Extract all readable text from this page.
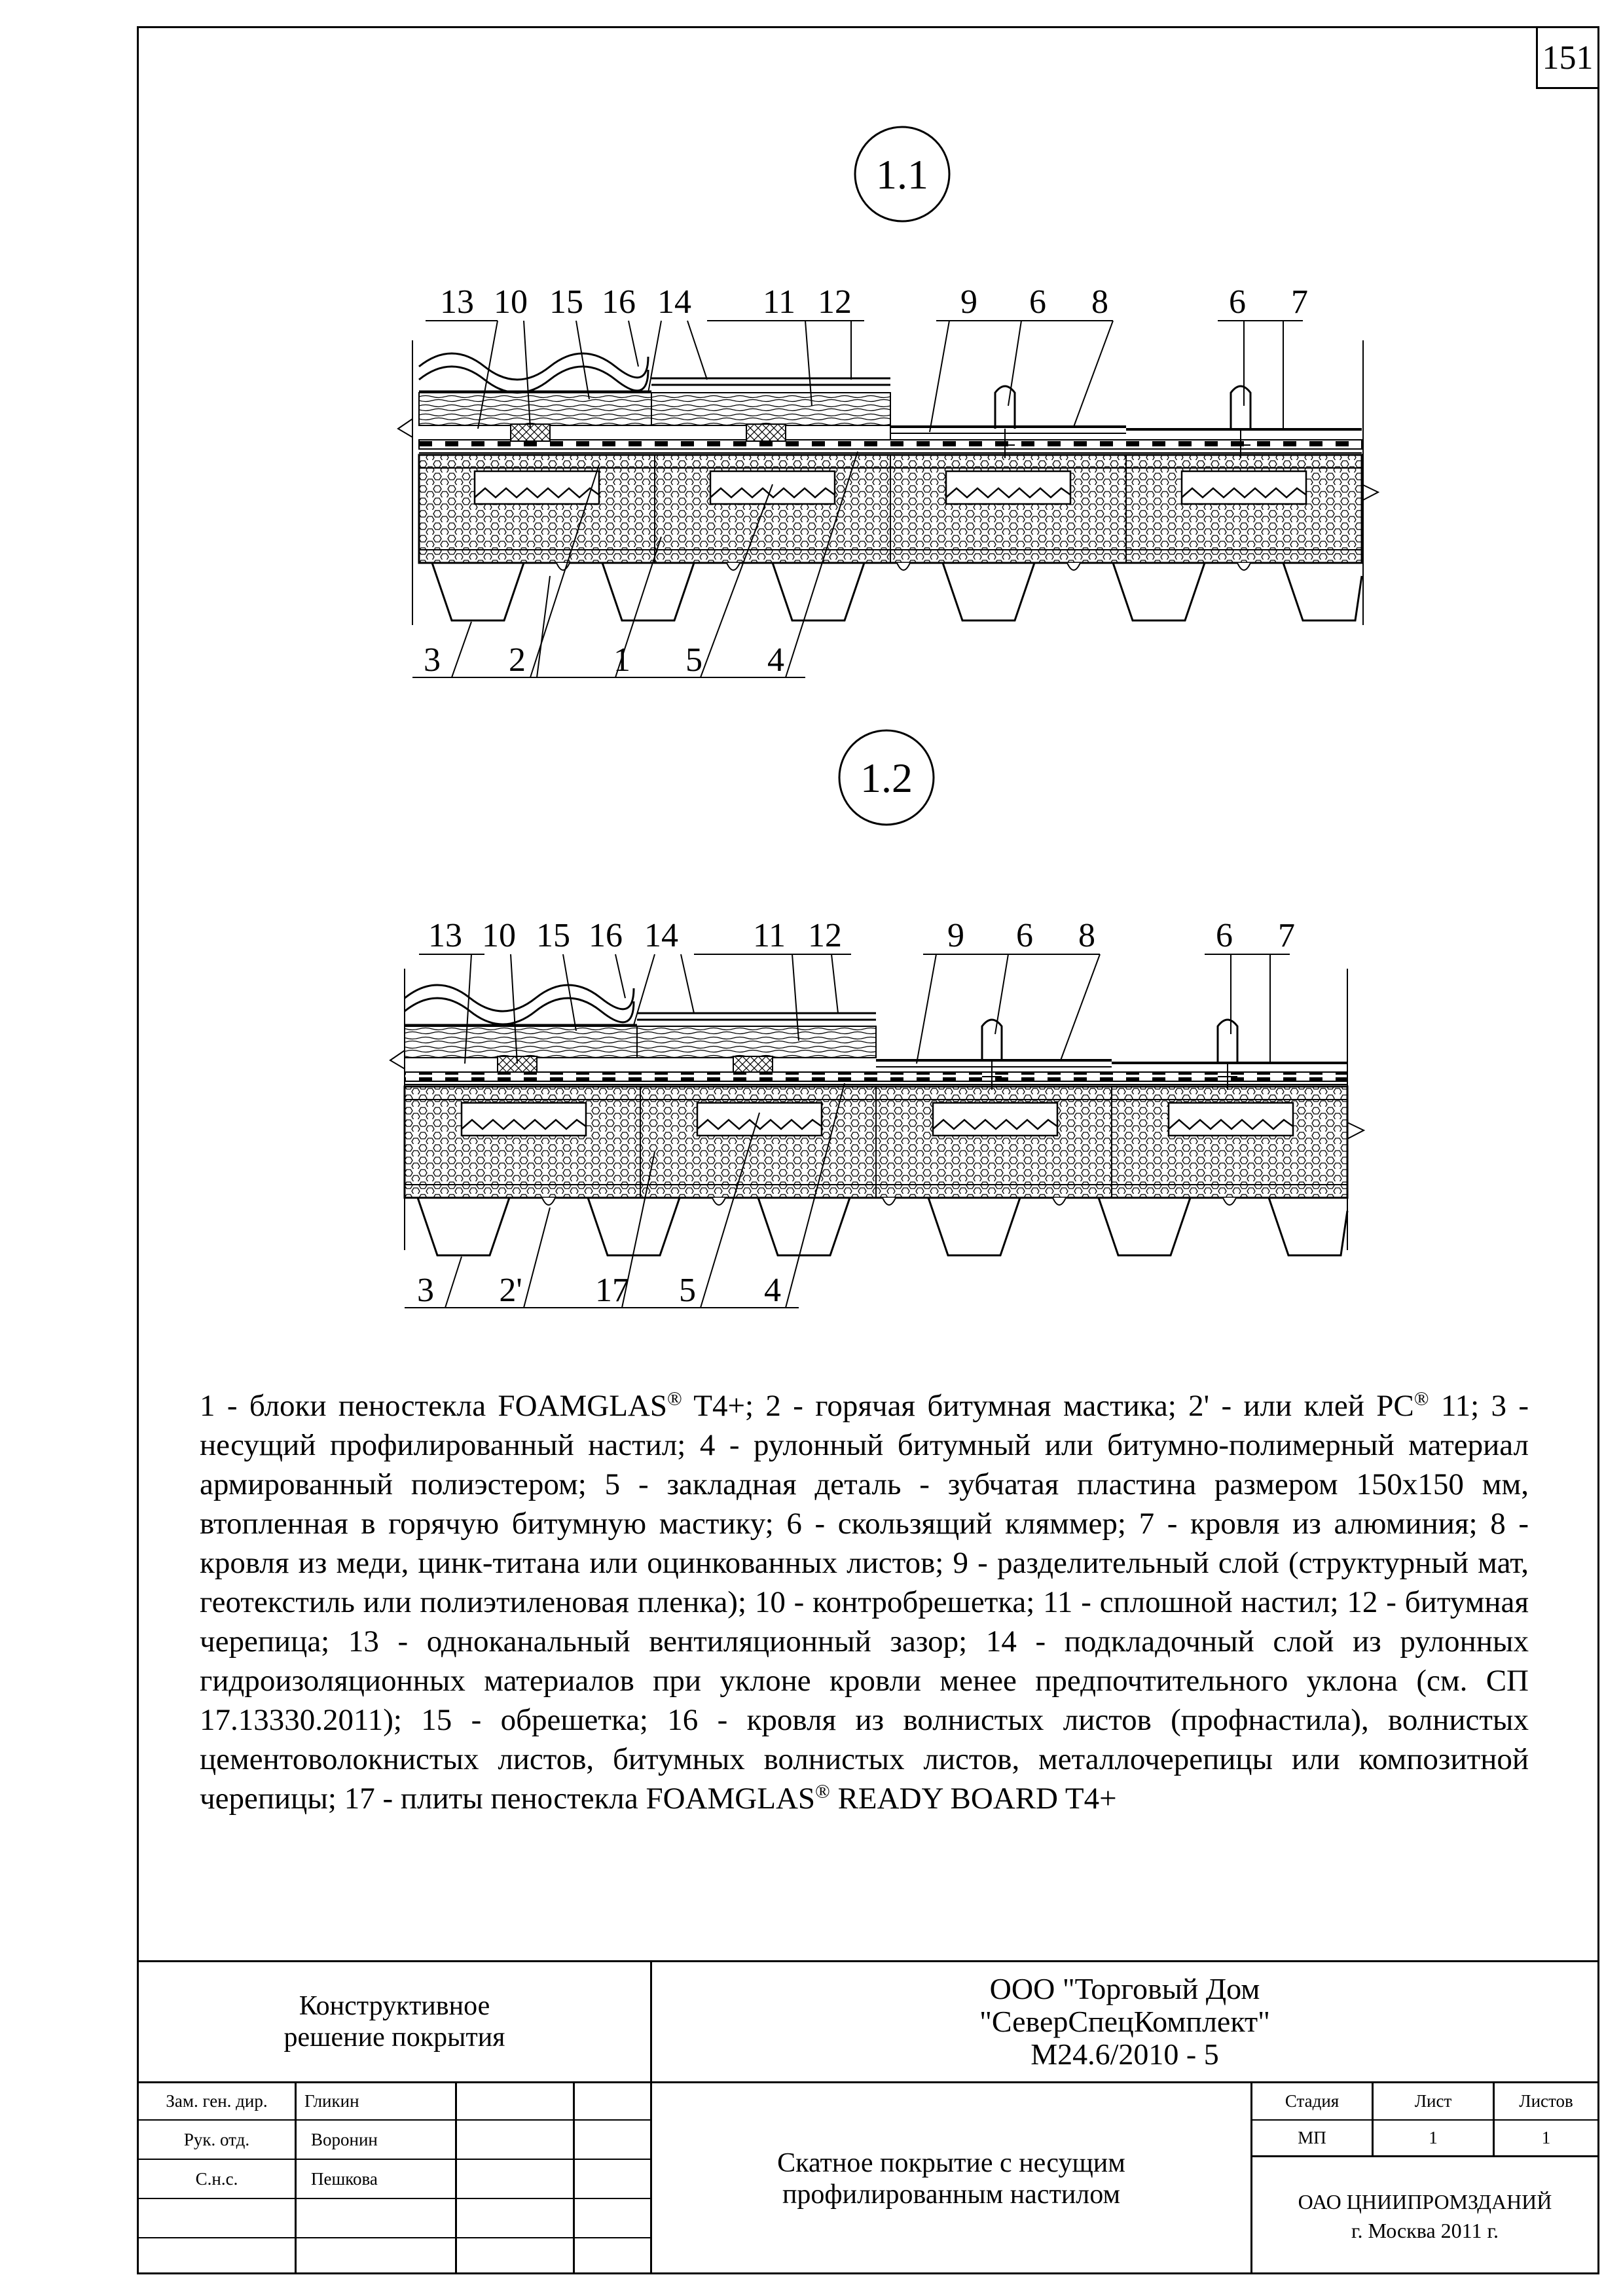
151
1.1
13 10 15 16 14 11 12	9 6 8	6 7
3 2	1 5 4
1.2
13 10 15 16 14 11 12	9 6 8	6 7
3 2' 17 5 4
1 - блоки пеностекла FOAMGLAS® T4+; 2 - горячая битумная мастика; 2' - или клей PC® 11; 3 - несущий профилированный настил; 4 - рулонный битумный или битумно-полимерный материал армированный полиэстером; 5 - закладная деталь - зубчатая пластина размером 150х150 мм, втопленная в горячую битумную мастику; 6 - скользящий кляммер; 7 - кровля из алюминия; 8 - кровля из меди, цинк-титана или оцинкованных листов; 9 - разделительный слой (структурный мат, геотекстиль или полиэтиленовая пленка); 10 - контробрешетка; 11 - сплошной настил; 12 - битумная черепица; 13 - одноканальный вентиляционный зазор; 14 - подкладочный слой из рулонных гидроизоляционных материалов при уклоне кровли менее предпочтительного уклона (см. СП 17.13330.2011); 15 - обрешетка; 16 - кровля из волнистых листов (профнастила), волнистых цементоволокнистых листов, битумных волнистых листов, металлочерепицы или композитной черепицы; 17 - плиты пеностекла FOAMGLAS® READY BOARD T4+
Конструктивное решение покрытия
ООО "Торговый Дом
"СеверСпецКомплект"
М24.6/2010 - 5
Зам. ген. дир.	Гликин
Рук. отд.	Воронин
С.н.с.	Пешкова
Скатное покрытие с несущим профилированным настилом
Стадия	Лист	Листов
МП	1	1
ОАО ЦНИИПРОМЗДАНИЙ
г. Москва 2011 г.
